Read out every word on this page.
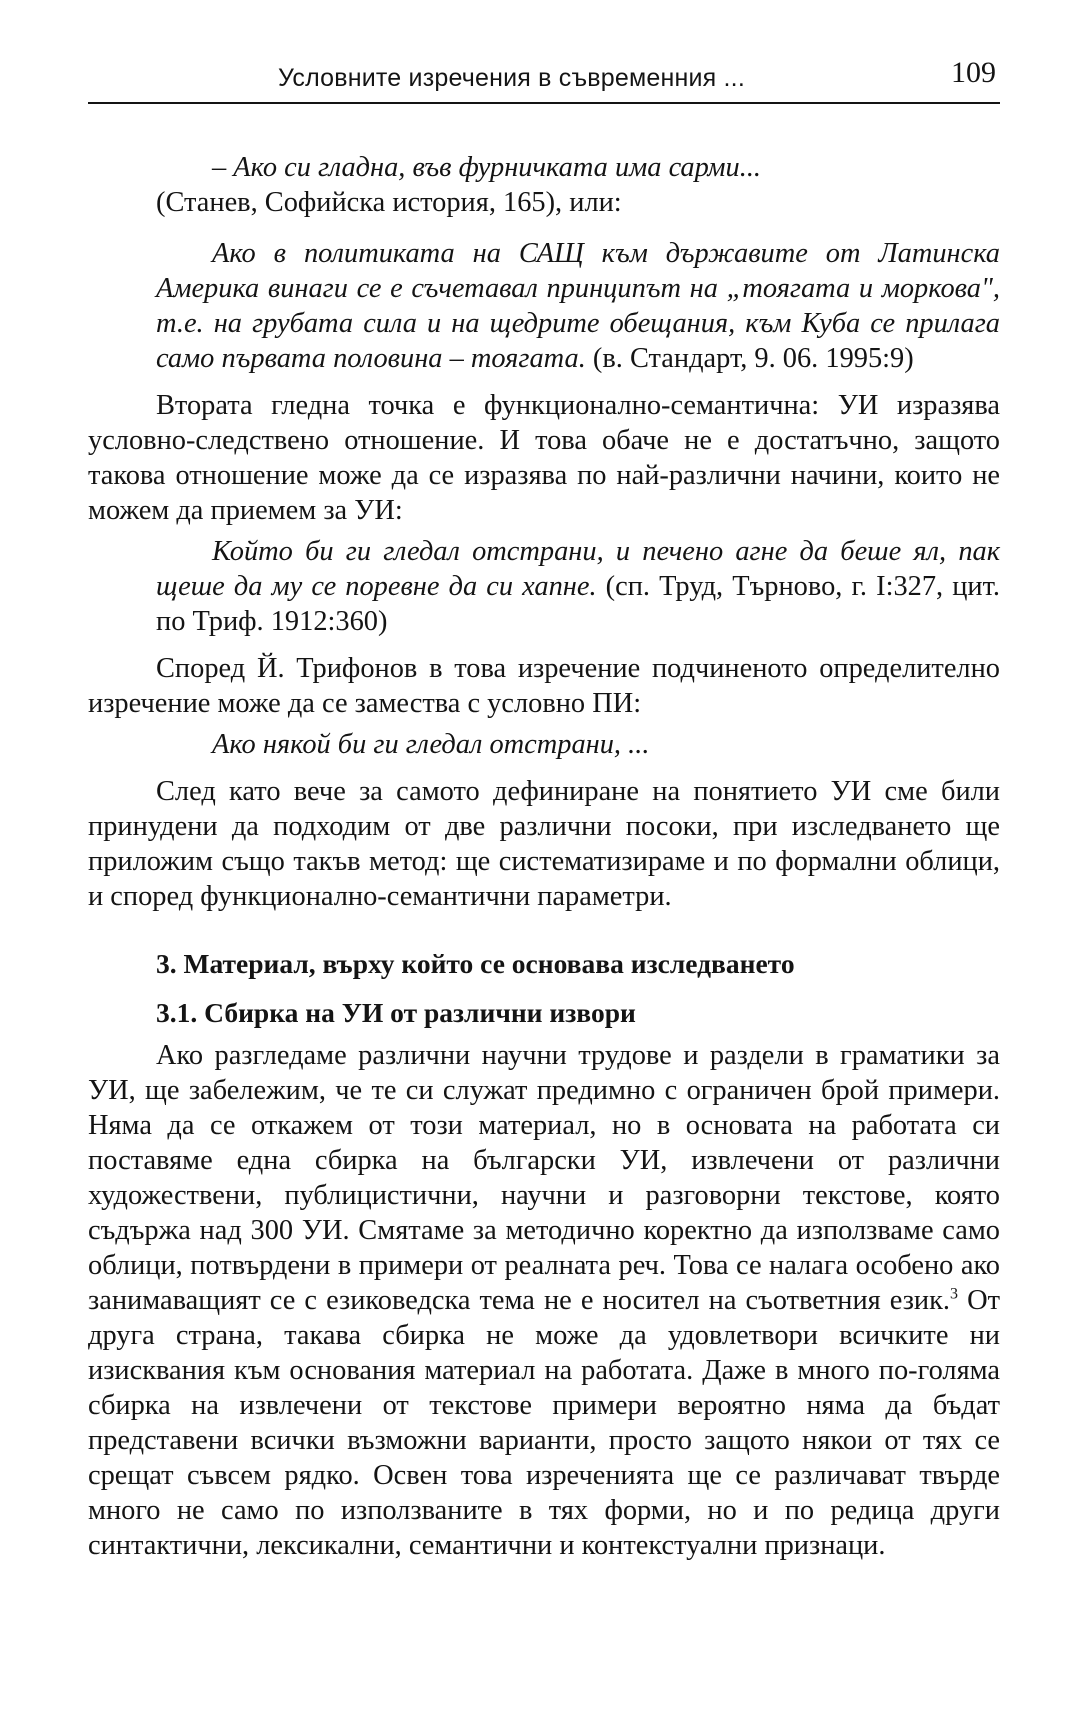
Условните изречения в съвременния ...	109

– Ако си гладна, във фурничката има сарми...

(Станев, Софийска история, 165), или:

Ако в политиката на САЩ към държавите от Латинска Америка винаги се е съчетавал принципът на „тоягата и моркова", т.е. на грубата сила и на щедрите обещания, към Куба се прилага само първата половина – тоягата. (в. Стандарт, 9. 06. 1995:9)

Втората гледна точка е функционално-семантична: УИ изразява условно-следствено отношение. И това обаче не е достатъчно, защото такова отношение може да се изразява по най-различни начини, които не можем да приемем за УИ:

Който би ги гледал отстрани, и печено агне да беше ял, пак щеше да му се поревне да си хапне. (сп. Труд, Търново, г. I:327, цит. по Триф. 1912:360)

Според Й. Трифонов в това изречение подчиненото определително изречение може да се замества с условно ПИ:

Ако някой би ги гледал отстрани, ...

След като вече за самото дефиниране на понятието УИ сме били принудени да подходим от две различни посоки, при изследването ще приложим също такъв метод: ще систематизираме и по формални облици, и според функционално-семантични параметри.

3. Материал, върху който се основава изследването

3.1. Сбирка на УИ от различни извори

Ако разгледаме различни научни трудове и раздели в граматики за УИ, ще забележим, че те си служат предимно с ограничен брой примери. Няма да се откажем от този материал, но в основата на работата си поставяме една сбирка на български УИ, извлечени от различни художествени, публицистични, научни и разговорни текстове, която съдържа над 300 УИ. Смятаме за методично коректно да използваме само облици, потвърдени в примери от реалната реч. Това се налага особено ако занимаващият се с езиковедска тема не е носител на съответния език.$^3$ От друга страна, такава сбирка не може да удовлетвори всичките ни изисквания към основания материал на работата. Даже в много по-голяма сбирка на извлечени от текстове примери вероятно няма да бъдат представени всички възможни варианти, просто защото някои от тях се срещат съвсем рядко. Освен това изреченията ще се различават твърде много не само по използваните в тях форми, но и по редица други синтактични, лексикални, семантични и контекстуални признаци.
